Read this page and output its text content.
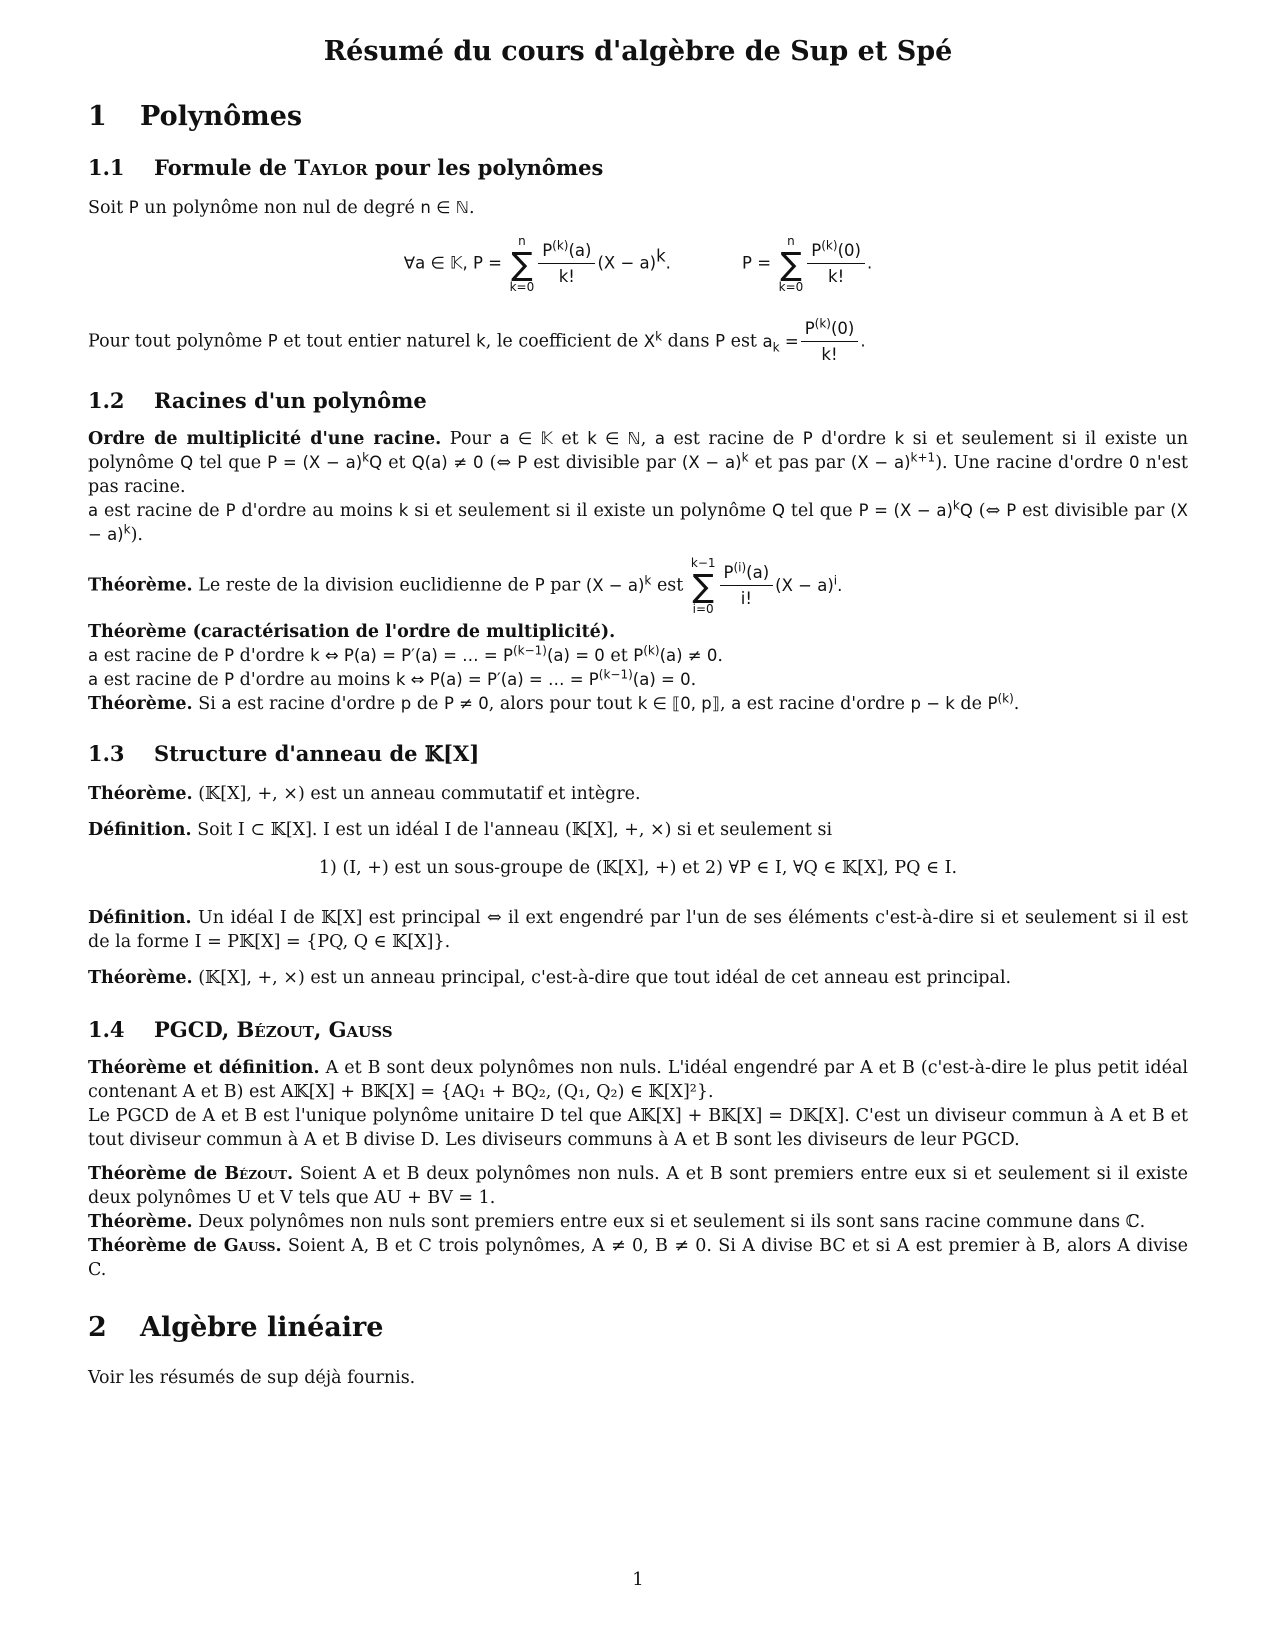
Résumé du cours d'algèbre de Sup et Spé
1 Polynômes
1.1 Formule de Taylor pour les polynômes
Soit P un polynôme non nul de degré n ∈ ℕ.
∀a ∈ 𝕂, P =
n
∑
$k=0 \frac{P^{(k)}(a)}{k!} (X - a)^k$.	P =
n
∑
$k=0 \frac{P^{(k)}(0)}{k!}$ .
Pour tout polynôme P et tout entier naturel k, le coefficient de $X^k$ dans P est $a_k = \frac{P^{(k)}(0)}{k!}$ .
1.2 Racines d'un polynôme
Ordre de multiplicité d'une racine. Pour a ∈ 𝕂 et k ∈ ℕ, a est racine de P d'ordre k si et seulement si il existe un polynôme Q tel que $P = (X - a)^kQ$ et Q(a) ≠ 0 (⇔ P est divisible par $(X - a)^k$ et pas par $(X - a)^{k+1}$). Une racine d'ordre 0 n'est pas racine.
a est racine de P d'ordre au moins k si et seulement si il existe un polynôme Q tel que $P = (X - a)^kQ$ (⇔ P est divisible par $(X - a)^k$).
Théorème. Le reste de la division euclidienne de P par $(X - a)^k$ est
k−1
∑
$i=0 \frac{P^{(i)}(a)}{i!} (X - a)^i$.
Théorème (caractérisation de l'ordre de multiplicité).
a est racine de P d'ordre k ⇔ P(a) = P′(a) = … = $P^{(k-1)}(a) = 0$ et $P^{(k)}(a) \ne 0$.
a est racine de P d'ordre au moins k ⇔ P(a) = P′(a) = … = $P^{(k-1)}(a) = 0$.
Théorème. Si a est racine d'ordre p de P ≠ 0, alors pour tout k ∈ ⟦0, p⟧, a est racine d'ordre p − k de $P^{(k)}$.
1.3 Structure d'anneau de 𝕂[X]
Théorème. (𝕂[X], +, ×) est un anneau commutatif et intègre.
Définition. Soit I ⊂ 𝕂[X]. I est un idéal I de l'anneau (𝕂[X], +, ×) si et seulement si
1) (I, +) est un sous-groupe de (𝕂[X], +) et 2) ∀P ∈ I, ∀Q ∈ 𝕂[X], PQ ∈ I.
Définition. Un idéal I de 𝕂[X] est principal ⇔ il ext engendré par l'un de ses éléments c'est-à-dire si et seulement si il est de la forme I = P𝕂[X] = {PQ, Q ∈ 𝕂[X]}.
Théorème. (𝕂[X], +, ×) est un anneau principal, c'est-à-dire que tout idéal de cet anneau est principal.
1.4 PGCD, Bézout, Gauss
Théorème et définition. A et B sont deux polynômes non nuls. L'idéal engendré par A et B (c'est-à-dire le plus petit idéal contenant A et B) est A𝕂[X] + B𝕂[X] = {AQ₁ + BQ₂, (Q₁, Q₂) ∈ 𝕂[X]²}.
Le PGCD de A et B est l'unique polynôme unitaire D tel que A𝕂[X] + B𝕂[X] = D𝕂[X]. C'est un diviseur commun à A et B et tout diviseur commun à A et B divise D. Les diviseurs communs à A et B sont les diviseurs de leur PGCD.
Théorème de Bézout. Soient A et B deux polynômes non nuls. A et B sont premiers entre eux si et seulement si il existe deux polynômes U et V tels que AU + BV = 1.
Théorème. Deux polynômes non nuls sont premiers entre eux si et seulement si ils sont sans racine commune dans ℂ.
Théorème de Gauss. Soient A, B et C trois polynômes, A ≠ 0, B ≠ 0. Si A divise BC et si A est premier à B, alors A divise C.
2 Algèbre linéaire
Voir les résumés de sup déjà fournis.
1
